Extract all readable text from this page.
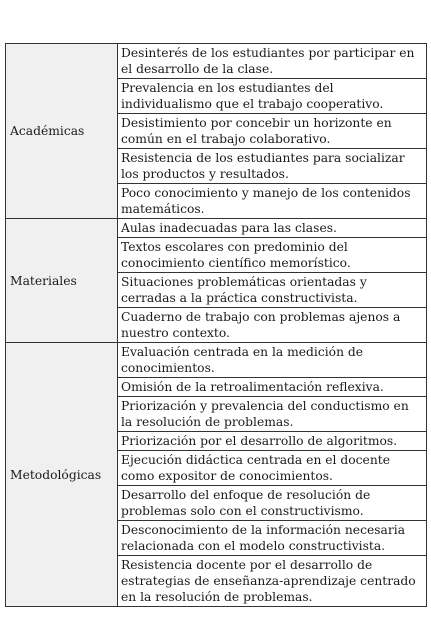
Académicas	Desinterés de los estudiantes por participar en el desarrollo de la clase.
	Prevalencia en los estudiantes del individualismo que el trabajo cooperativo.
	Desistimiento por concebir un horizonte en común en el trabajo colaborativo.
	Resistencia de los estudiantes para socializar los productos y resultados.
	Poco conocimiento y manejo de los contenidos matemáticos.
Materiales	Aulas inadecuadas para las clases.
	Textos escolares con predominio del conocimiento científico memorístico.
	Situaciones problemáticas orientadas y cerradas a la práctica constructivista.
	Cuaderno de trabajo con problemas ajenos a nuestro contexto.
Metodológicas	Evaluación centrada en la medición de conocimientos.
	Omisión de la retroalimentación reflexiva.
	Priorización y prevalencia del conductismo en la resolución de problemas.
	Priorización por el desarrollo de algoritmos.
	Ejecución didáctica centrada en el docente como expositor de conocimientos.
	Desarrollo del enfoque de resolución de problemas solo con el constructivismo.
	Desconocimiento de la información necesaria relacionada con el modelo constructivista.
	Resistencia docente por el desarrollo de estrategias de enseñanza-aprendizaje centrado en la resolución de problemas.
